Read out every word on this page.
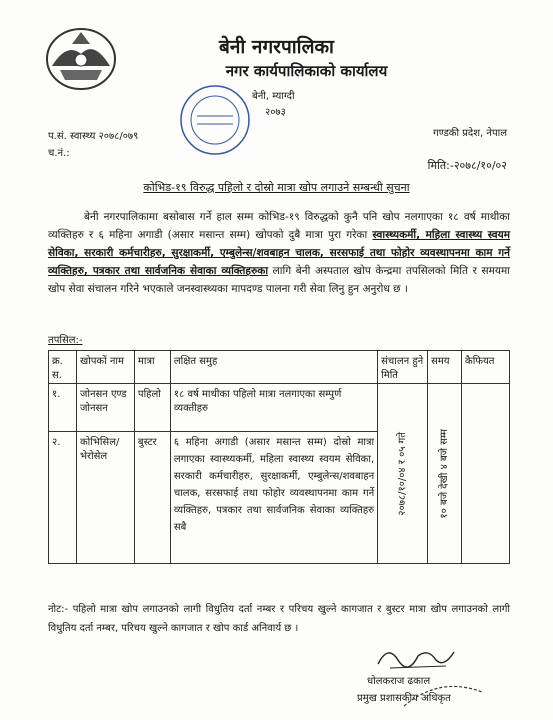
बेनी नगरपालिका
नगर कार्यपालिकाको कार्यालय
बेनी, म्याग्दी
२०७३
प.सं. स्वास्थ्य २०७८/०७९
च.नं.:
गण्डकी प्रदेश, नेपाल
मिति:-२०७८/१०/०२
कोभिड-१९ विरुद्ध पहिलो र दोस्रो मात्रा खोप लगाउने सम्बन्धी सुचना
बेनी नगरपालिकामा बसोबास गर्ने हाल सम्म कोभिड-१९ विरुद्धको कुनै पनि खोप नलगाएका १८ वर्ष माथीका व्यक्तिहरु र ६ महिना अगाडी (असार मसान्त सम्म) खोपको दुबै मात्रा पुरा गरेका स्वास्थ्यकर्मी, महिला स्वास्थ्य स्वयम सेविका, सरकारी कर्मचारीहरु, सुरक्षाकर्मी, एम्बुलेन्स/शवबाहन चालक, सरसफाई तथा फोहोर व्यवस्थापनमा काम गर्ने व्यक्तिहरु, पत्रकार तथा सार्वजनिक सेवाका व्यक्तिहरुका लागि बेनी अस्पताल खोप केन्द्रमा तपसिलको मिति र समयमा खोप सेवा संचालन गरिने भएकाले जनस्वास्थ्यका मापदण्ड पालना गरी सेवा लिनु हुन अनुरोध छ ।
तपसिल:-
क्र. स.	खोपकों नाम	मात्रा	लक्षित समुह	संचालन हुने मिति	समय	कैफियत
१.	जोनसन एण्ड जोनसन	पहिलो	१८ वर्ष माथीका पहिलो मात्रा नलगाएका सम्पुर्ण व्यक्तीहरु	२०७८/१०/०४ र ०५ गते	१० बजे देखी ४ बजे सम्म	

२.	कोभिसिल/ भेरोसेल	बुस्टर	६ महिना अगाडी (असार मसान्त सम्म) दोस्रो मात्रा लगाएका स्वास्थ्यकर्मी, महिला स्वास्थ्य स्वयम सेविका, सरकारी कर्मचारीहरु, सुरक्षाकर्मी, एम्बुलेन्स/शवबाहन चालक, सरसफाई तथा फोहोर व्यवस्थापनमा काम गर्ने व्यक्तिहरु, पत्रकार तथा सार्वजनिक सेवाका व्यक्तिहरु सबै			
नोट:- पहिलो मात्रा खोप लगाउनको लागी विधुतिय दर्ता नम्बर र परिचय खुल्ने कागजात र बुस्टर मात्रा खोप लगाउनको लागी विधुतिय दर्ता नम्बर, परिचय खुल्ने कागजात र खोप कार्ड अनिवार्य छ ।
धोलकराज ढकाल
प्रमुख प्रशासकीय अधिकृत
